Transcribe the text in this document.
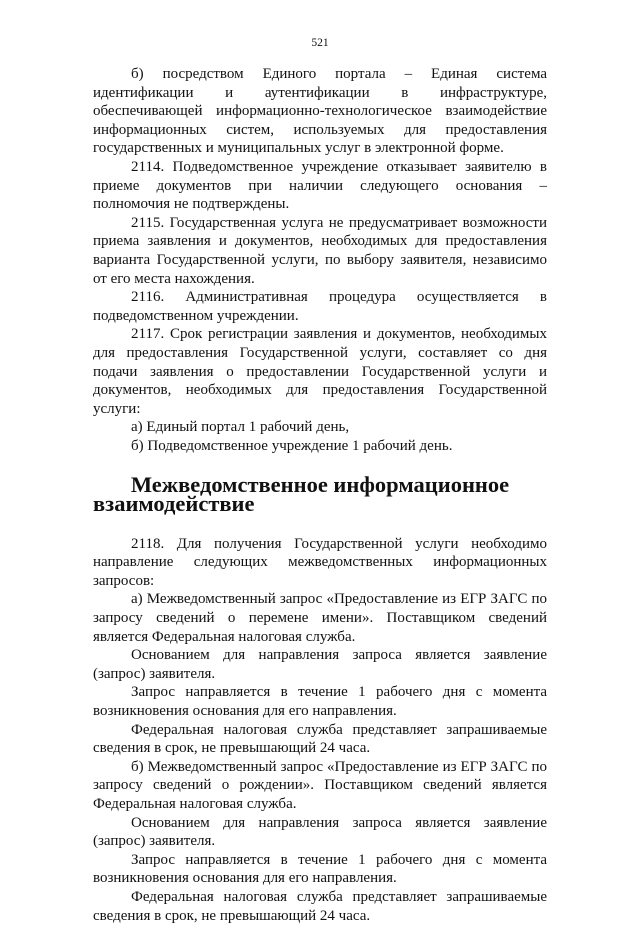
521

б) посредством Единого портала – Единая система идентификации и аутентификации в инфраструктуре, обеспечивающей информационно-технологическое взаимодействие информационных систем, используемых для предоставления государственных и муниципальных услуг в электронной форме.

2114. Подведомственное учреждение отказывает заявителю в приеме документов при наличии следующего основания – полномочия не подтверждены.

2115. Государственная услуга не предусматривает возможности приема заявления и документов, необходимых для предоставления варианта Государственной услуги, по выбору заявителя, независимо от его места нахождения.

2116. Административная процедура осуществляется в подведомственном учреждении.

2117. Срок регистрации заявления и документов, необходимых для предоставления Государственной услуги, составляет со дня подачи заявления о предоставлении Государственной услуги и документов, необходимых для предоставления Государственной услуги:

а) Единый портал 1 рабочий день,

б) Подведомственное учреждение 1 рабочий день.

Межведомственное информационное взаимодействие

2118. Для получения Государственной услуги необходимо направление следующих межведомственных информационных запросов:

а) Межведомственный запрос «Предоставление из ЕГР ЗАГС по запросу сведений о перемене имени». Поставщиком сведений является Федеральная налоговая служба.

Основанием для направления запроса является заявление (запрос) заявителя.

Запрос направляется в течение 1 рабочего дня с момента возникновения основания для его направления.

Федеральная налоговая служба представляет запрашиваемые сведения в срок, не превышающий 24 часа.

б) Межведомственный запрос «Предоставление из ЕГР ЗАГС по запросу сведений о рождении». Поставщиком сведений является Федеральная налоговая служба.

Основанием для направления запроса является заявление (запрос) заявителя.

Запрос направляется в течение 1 рабочего дня с момента возникновения основания для его направления.

Федеральная налоговая служба представляет запрашиваемые сведения в срок, не превышающий 24 часа.
